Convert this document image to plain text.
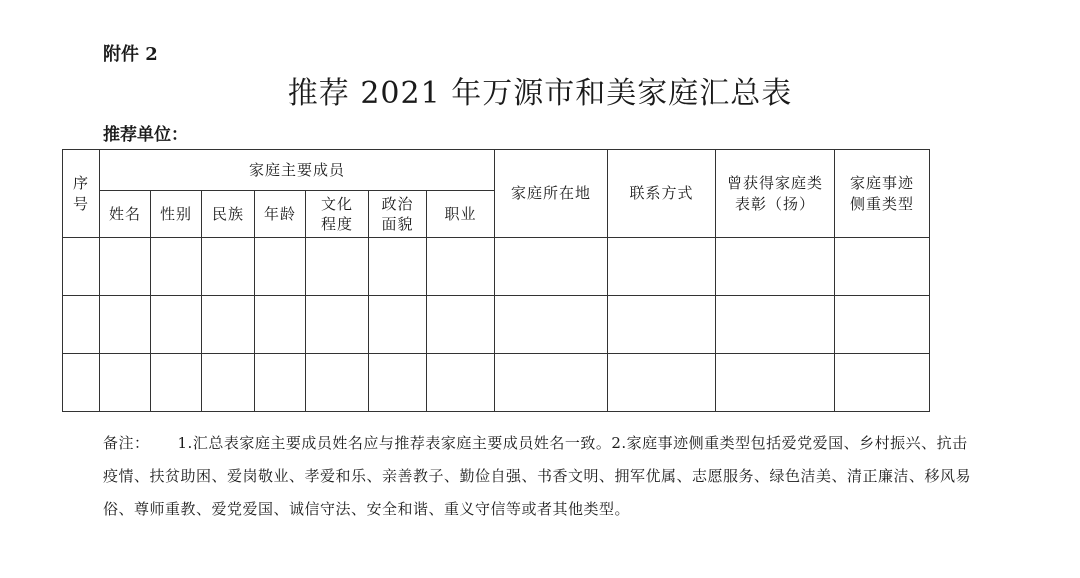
附件 2
推荐 2021 年万源市和美家庭汇总表
推荐单位：
序号	家庭主要成员							家庭所在地	联系方式	曾获得家庭类表彰（扬）	家庭事迹侧重类型

	姓名	性别	民族	年龄	文化程度	政治面貌	职业				

备注： 1.汇总表家庭主要成员姓名应与推荐表家庭主要成员姓名一致。2.家庭事迹侧重类型包括爱党爱国、乡村振兴、抗击疫情、扶贫助困、爱岗敬业、孝爱和乐、亲善教子、勤俭自强、书香文明、拥军优属、志愿服务、绿色洁美、清正廉洁、移风易俗、尊师重教、爱党爱国、诚信守法、安全和谐、重义守信等或者其他类型。
